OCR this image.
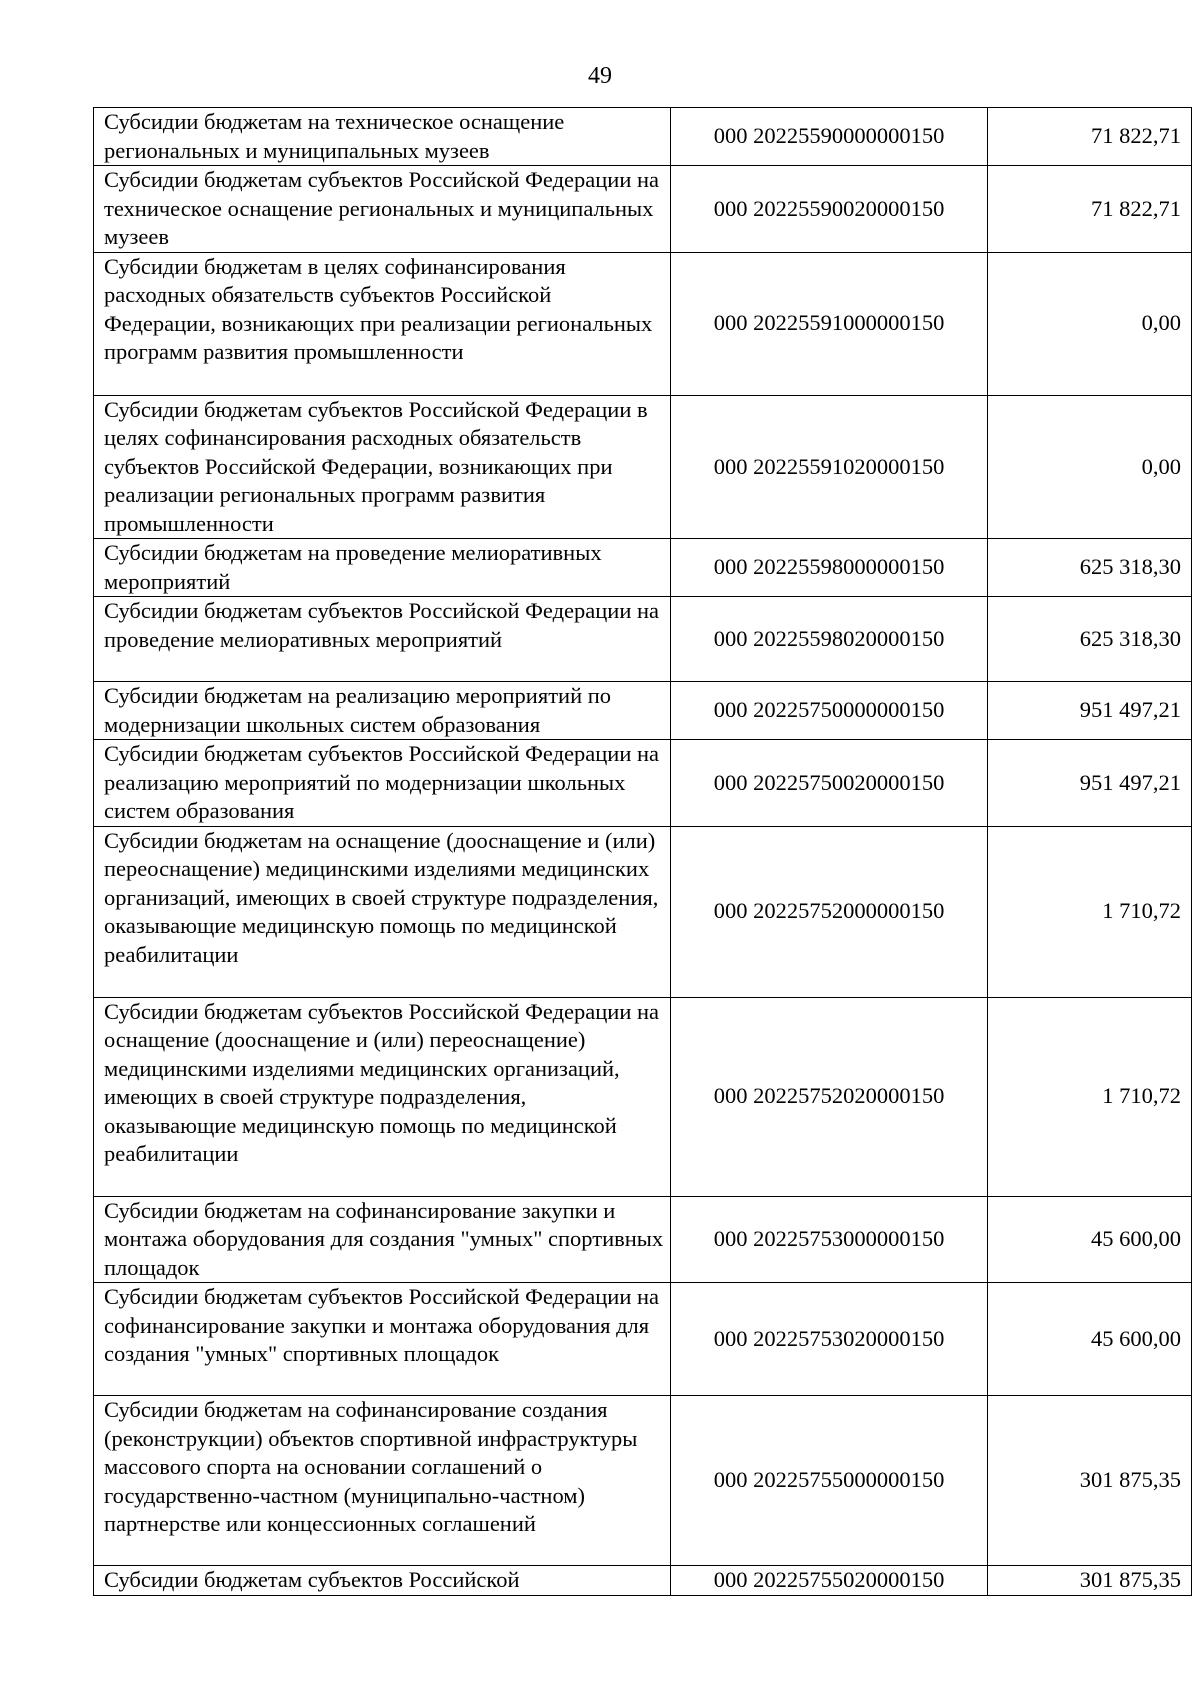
49
Субсидии бюджетам на техническое оснащение региональных и муниципальных музеев	000 20225590000000150	71 822,71
Субсидии бюджетам субъектов Российской Федерации на техническое оснащение региональных и муниципальных музеев	000 20225590020000150	71 822,71
Субсидии бюджетам в целях софинансирования расходных обязательств субъектов Российской Федерации, возникающих при реализации региональных программ развития промышленности	000 20225591000000150	0,00
Субсидии бюджетам субъектов Российской Федерации в целях софинансирования расходных обязательств субъектов Российской Федерации, возникающих при реализации региональных программ развития промышленности	000 20225591020000150	0,00
Субсидии бюджетам на проведение мелиоративных мероприятий	000 20225598000000150	625 318,30
Субсидии бюджетам субъектов Российской Федерации на проведение мелиоративных мероприятий	000 20225598020000150	625 318,30
Субсидии бюджетам на реализацию мероприятий по модернизации школьных систем образования	000 20225750000000150	951 497,21
Субсидии бюджетам субъектов Российской Федерации на реализацию мероприятий по модернизации школьных систем образования	000 20225750020000150	951 497,21
Субсидии бюджетам на оснащение (дооснащение и (или) переоснащение) медицинскими изделиями медицинских организаций, имеющих в своей структуре подразделения, оказывающие медицинскую помощь по медицинской реабилитации	000 20225752000000150	1 710,72
Субсидии бюджетам субъектов Российской Федерации на оснащение (дооснащение и (или) переоснащение) медицинскими изделиями медицинских организаций, имеющих в своей структуре подразделения, оказывающие медицинскую помощь по медицинской реабилитации	000 20225752020000150	1 710,72
Субсидии бюджетам на софинансирование закупки и монтажа оборудования для создания "умных" спортивных площадок	000 20225753000000150	45 600,00
Субсидии бюджетам субъектов Российской Федерации на софинансирование закупки и монтажа оборудования для создания "умных" спортивных площадок	000 20225753020000150	45 600,00
Субсидии бюджетам на софинансирование создания (реконструкции) объектов спортивной инфраструктуры массового спорта на основании соглашений о государственно-частном (муниципально-частном) партнерстве или концессионных соглашений	000 20225755000000150	301 875,35
Субсидии бюджетам субъектов Российской	000 20225755020000150	301 875,35
